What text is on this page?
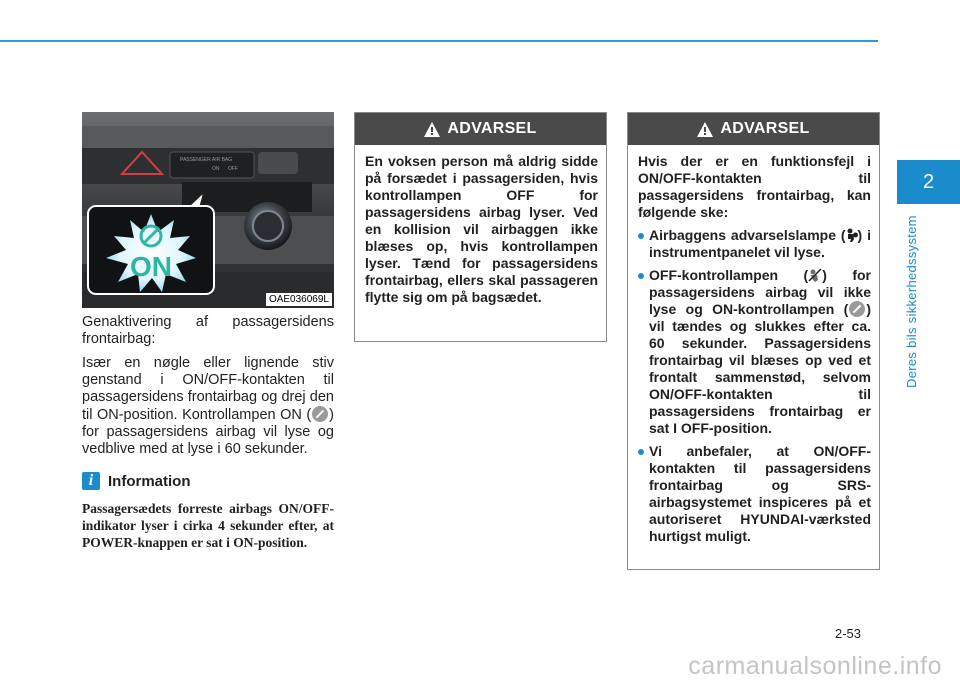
2
Deres bils sikkerhedssystem
PASSENGER AIR BAG
ON OFF
ON
OAE036069L

Genaktivering af passagersidens frontairbag:

Især en nøgle eller lignende stiv genstand i ON/OFF-kontakten til passagersidens frontairbag og drej den til ON-position. Kontrollampen ON ( ) for passagersidens airbag vil lyse og vedblive med at lyse i 60 sekunder.

i Information
Passagersædets forreste airbags ON/OFF-indikator lyser i cirka 4 sekunder efter, at POWER-knappen er sat i ON-position.
ADVARSEL
En voksen person må aldrig sidde på forsædet i passagersiden, hvis kontrollampen OFF for passagersidens airbag lyser. Ved en kollision vil airbaggen ikke blæses op, hvis kontrollampen lyser. Tænd for passagersidens frontairbag, ellers skal passageren flytte sig om på bagsædet.
ADVARSEL
Hvis der er en funktionsfejl i ON/OFF-kontakten til passagersidens frontairbag, kan følgende ske:
Airbaggens advarselslampe ( ) i instrumentpanelet vil lyse.
OFF-kontrollampen ( ) for passagersidens airbag vil ikke lyse og ON-kontrollampen ( ) vil tændes og slukkes efter ca. 60 sekunder. Passagersidens frontairbag vil blæses op ved et frontalt sammenstød, selvom ON/OFF-kontakten til passagersidens frontairbag er sat I OFF-position.
Vi anbefaler, at ON/OFF-kontakten til passagersidens frontairbag og SRS-airbagsystemet inspiceres på et autoriseret HYUNDAI-værksted hurtigst muligt.
2-53
carmanualsonline.info
